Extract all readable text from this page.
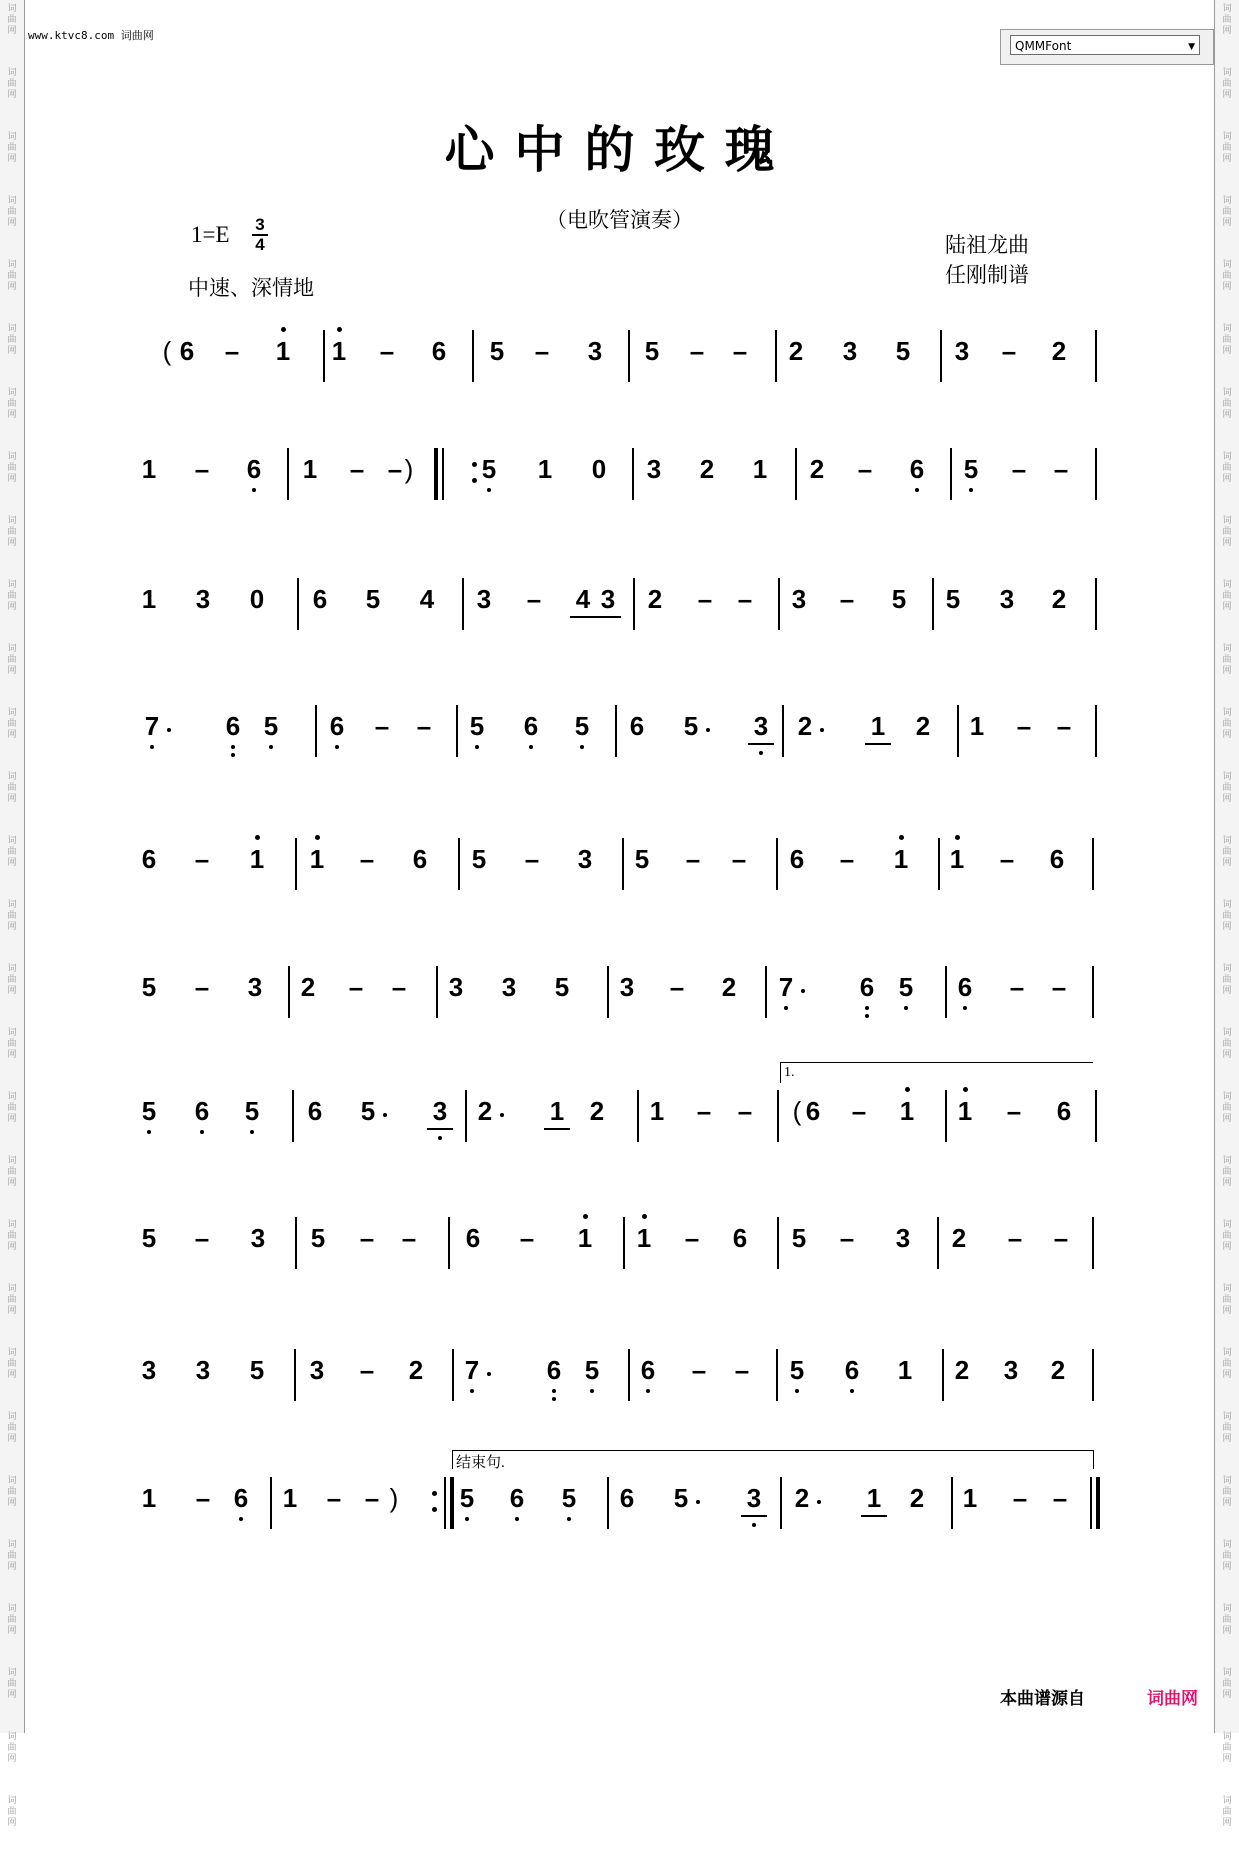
词
曲
网
词
曲
网
词
曲
网
词
曲
网
词
曲
网
词
曲
网
词
曲
网
词
曲
网
词
曲
网
词
曲
网
词
曲
网
词
曲
网
词
曲
网
词
曲
网
词
曲
网
词
曲
网
词
曲
网
词
曲
网
词
曲
网
词
曲
网
词
曲
网
词
曲
网
词
曲
网
词
曲
网
词
曲
网
词
曲
网
词
曲
网
词
曲
网
词
曲
网
词
曲
网
词
曲
网
词
曲
网
词
曲
网
词
曲
网
词
曲
网
词
曲
网
词
曲
网
词
曲
网
词
曲
网
词
曲
网
词
曲
网
词
曲
网
词
曲
网
词
曲
网
词
曲
网
词
曲
网
词
曲
网
词
曲
网
词
曲
网
词
曲
网
词
曲
网
词
曲
网
词
曲
网
词
曲
网
词
曲
网
词
曲
网
词
曲
网
词
曲
网
www.ktvc8.com 词曲网
QMMFont	▼
心中的玫瑰
（电吹管演奏）
$1=E \frac{3}{4}$
中速、深情地
陆祖龙曲
任刚制谱
( 6 – 1 1 – 6 5 – 3 5 – – 2 3 5 3 – 2
1 – 6 1 – – )	5 1 0 3 2 1 2 – 6 5 – –
1 3 0 6 5 4 3 – 4 3 2 – – 3 – 5 5 3 2
7	6 5 6 – – 5 6 5 6 5 3 2 1 2 1 – –
6 – 1 1 – 6 5 – 3 5 – – 6 – 1 1 – 6
5 – 3 2 – – 3 3 5 3 – 2 7	6 5 6 – –
5 6 5 6 5 3 2 1 2 1 – – ( 6 – 1 1 – 6
5 – 3 5 – – 6 – 1 1 – 6 5 – 3 2 – –
3 3 5 3 – 2 7	6 5 6 – – 5 6 1 2 3 2
1 – 6 1 – – ) 5 6 5 6 5 3 2 1 2 1 – –
1.
结束句.
本曲谱源自	词曲网
